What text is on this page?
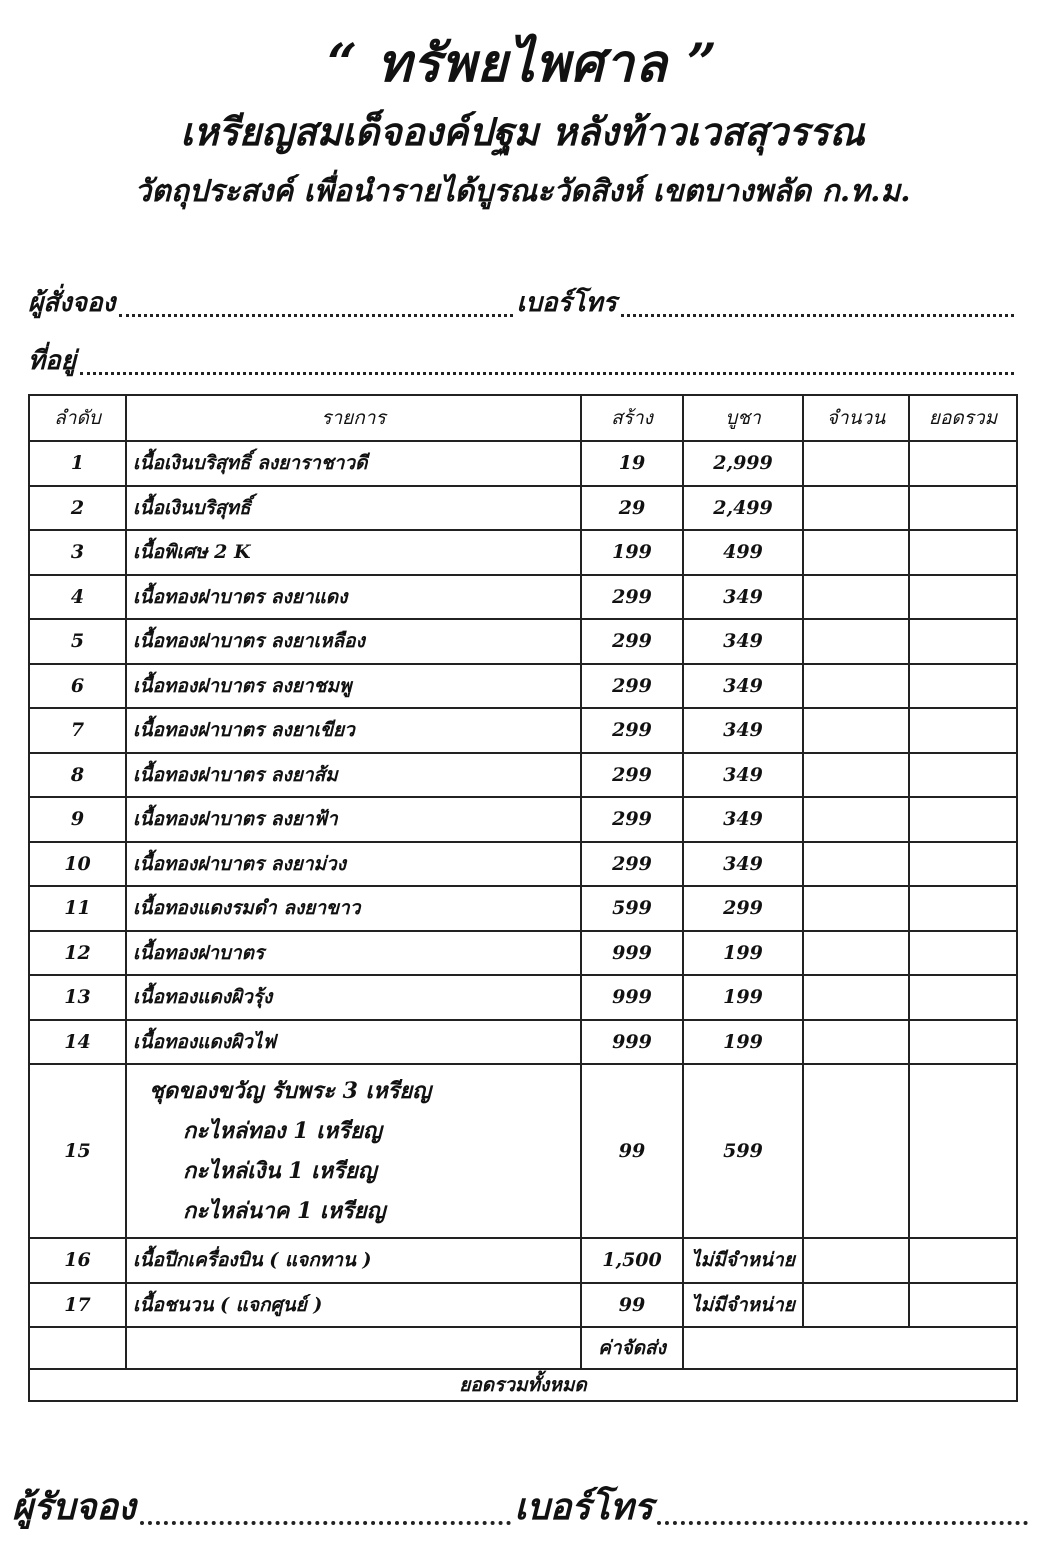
“ ทรัพยไพศาล ”
เหรียญสมเด็จองค์ปฐม หลังท้าวเวสสุวรรณ
วัตถุประสงค์ เพื่อนำรายได้บูรณะวัดสิงห์ เขตบางพลัด ก.ท.ม.
ผู้สั่งจอง	เบอร์โทร
ที่อยู่
ลำดับ	รายการ	สร้าง	บูชา	จำนวน	ยอดรวม
1	เนื้อเงินบริสุทธิ์ ลงยาราชาวดี	19	2,999		
2	เนื้อเงินบริสุทธิ์	29	2,499		
3	เนื้อพิเศษ 2 K	199	499		
4	เนื้อทองฝาบาตร ลงยาแดง	299	349		
5	เนื้อทองฝาบาตร ลงยาเหลือง	299	349		
6	เนื้อทองฝาบาตร ลงยาชมพู	299	349		
7	เนื้อทองฝาบาตร ลงยาเขียว	299	349		
8	เนื้อทองฝาบาตร ลงยาส้ม	299	349		
9	เนื้อทองฝาบาตร ลงยาฟ้า	299	349		
10	เนื้อทองฝาบาตร ลงยาม่วง	299	349		
11	เนื้อทองแดงรมดำ ลงยาขาว	599	299		
12	เนื้อทองฝาบาตร	999	199		
13	เนื้อทองแดงผิวรุ้ง	999	199		
14	เนื้อทองแดงผิวไฟ	999	199		
15	ชุดของขวัญ รับพระ 3 เหรียญ
กะไหล่ทอง 1 เหรียญ
กะไหล่เงิน 1 เหรียญ
กะไหล่นาค 1 เหรียญ	99	599		
16	เนื้อปีกเครื่องบิน ( แจกทาน )	1,500	ไม่มีจำหน่าย		
17	เนื้อชนวน ( แจกศูนย์ )	99	ไม่มีจำหน่าย		
		ค่าจัดส่ง			
ยอดรวมทั้งหมด					
ผู้รับจอง	เบอร์โทร
